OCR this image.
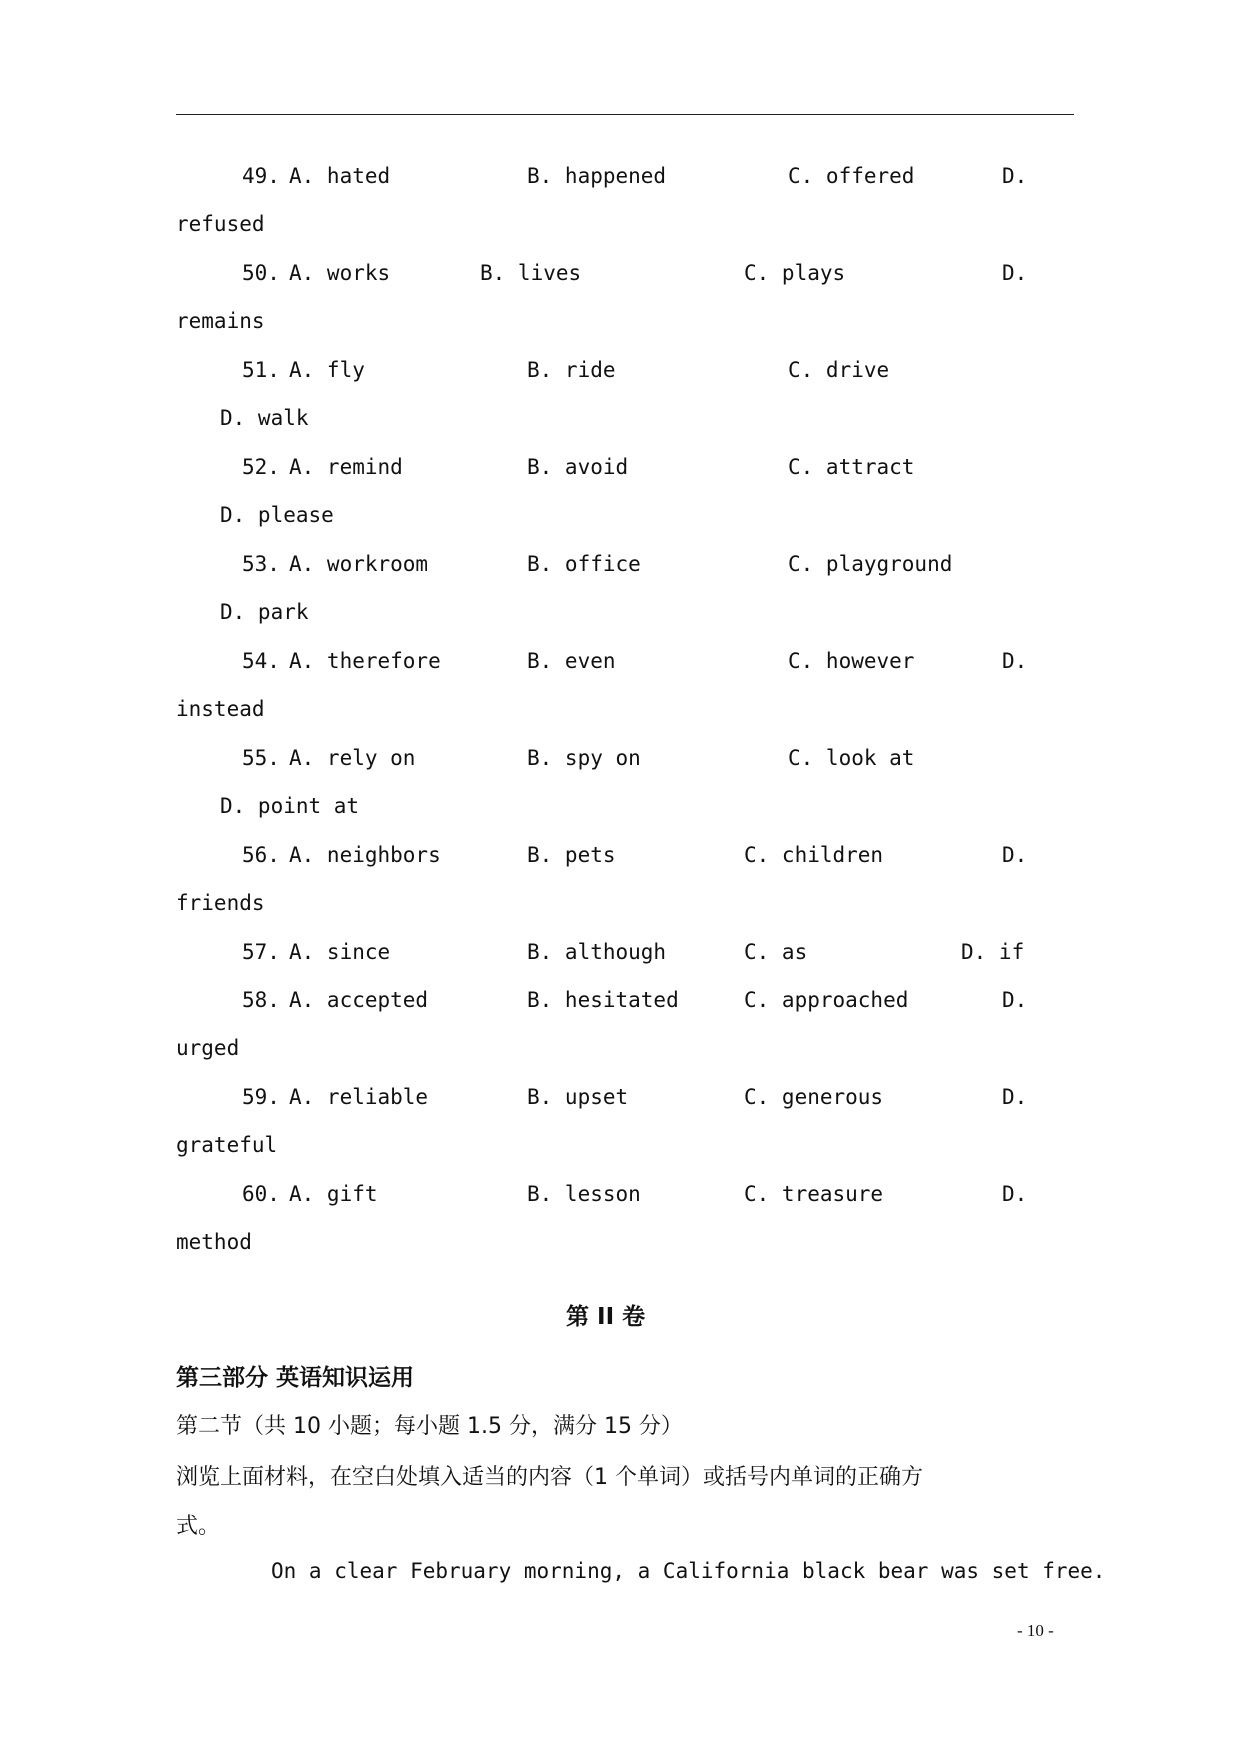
49. A. hated	B. happened	C. offered	D.
refused
50. A. works	B. lives	C. plays	D.
remains
51. A. fly	B. ride	C. drive
D. walk
52. A. remind	B. avoid	C. attract
D. please
53. A. workroom	B. office	C. playground
D. park
54. A. therefore	B. even	C. however	D.
instead
55. A. rely on	B. spy on	C. look at
D. point at
56. A. neighbors	B. pets	C. children	D.
friends
57. A. since	B. although	C. as	D. if
58. A. accepted	B. hesitated	C. approached	D.
urged
59. A. reliable	B. upset	C. generous	D.
grateful
60. A. gift	B. lesson	C. treasure	D.
method
第 II 卷
第三部分 英语知识运用
第二节（共 10 小题；每小题 1.5 分，满分 15 分）
浏览上面材料，在空白处填入适当的内容（1 个单词）或括号内单词的正确方
式。
On a clear February morning, a California black bear was set free.
- 10 -
